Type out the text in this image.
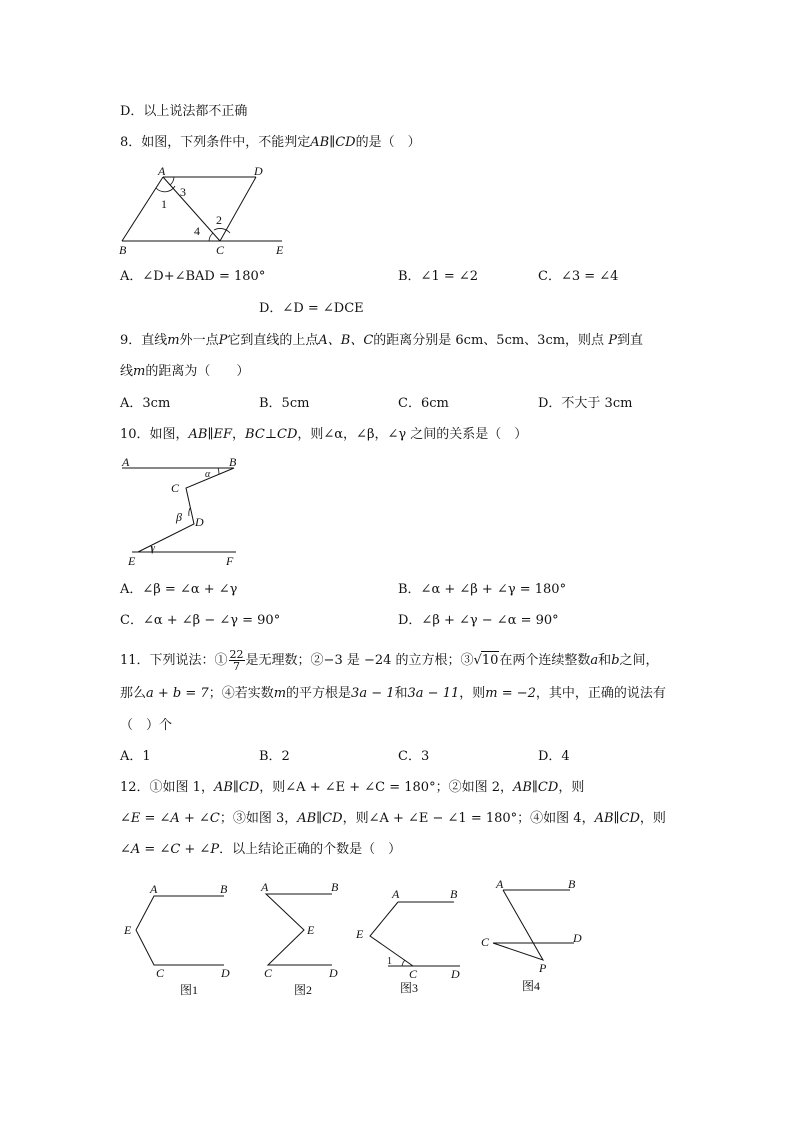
D．以上说法都不正确
8．如图，下列条件中，不能判定AB∥CD的是（　）
A	D
B	C	E
1
2
3
4
A．∠D+∠BAD = 180°	B．∠1 = ∠2	C．∠3 = ∠4
D．∠D = ∠DCE
9．直线m外一点P它到直线的上点A、B、C的距离分别是 6cm、5cm、3cm，则点 P到直
线m的距离为（　　）
A．3cm	B．5cm	C．6cm	D．不大于 3cm
10．如图，AB∥EF，BC⊥CD，则∠α，∠β，∠γ 之间的关系是（　）
A	B
α
C
β D
E
γ
F
A．∠β = ∠α + ∠γ	B．∠α + ∠β + ∠γ = 180°
C．∠α + ∠β − ∠γ = 90°	D．∠β + ∠γ − ∠α = 90°
11．下列说法：① $\frac{22}{7}$ 是无理数；②−3 是 −24 的立方根；③√10在两个连续整数a和b之间，
那么a + b = 7；④若实数m的平方根是3a − 1和3a − 11，则m = −2，其中，正确的说法有
（　）个
A．1	B．2	C．3	D．4
12．①如图 1，AB∥CD，则∠A + ∠E + ∠C = 180°；②如图 2，AB∥CD，则
∠E = ∠A + ∠C；③如图 3，AB∥CD，则∠A + ∠E − ∠1 = 180°；④如图 4，AB∥CD，则
∠A = ∠C + ∠P．以上结论正确的个数是（　）
A	B
E
C	D
图1
A	B
E
C	D
图2
A	B
E
1
C	D
图3
A	B
C	D
P
图4
